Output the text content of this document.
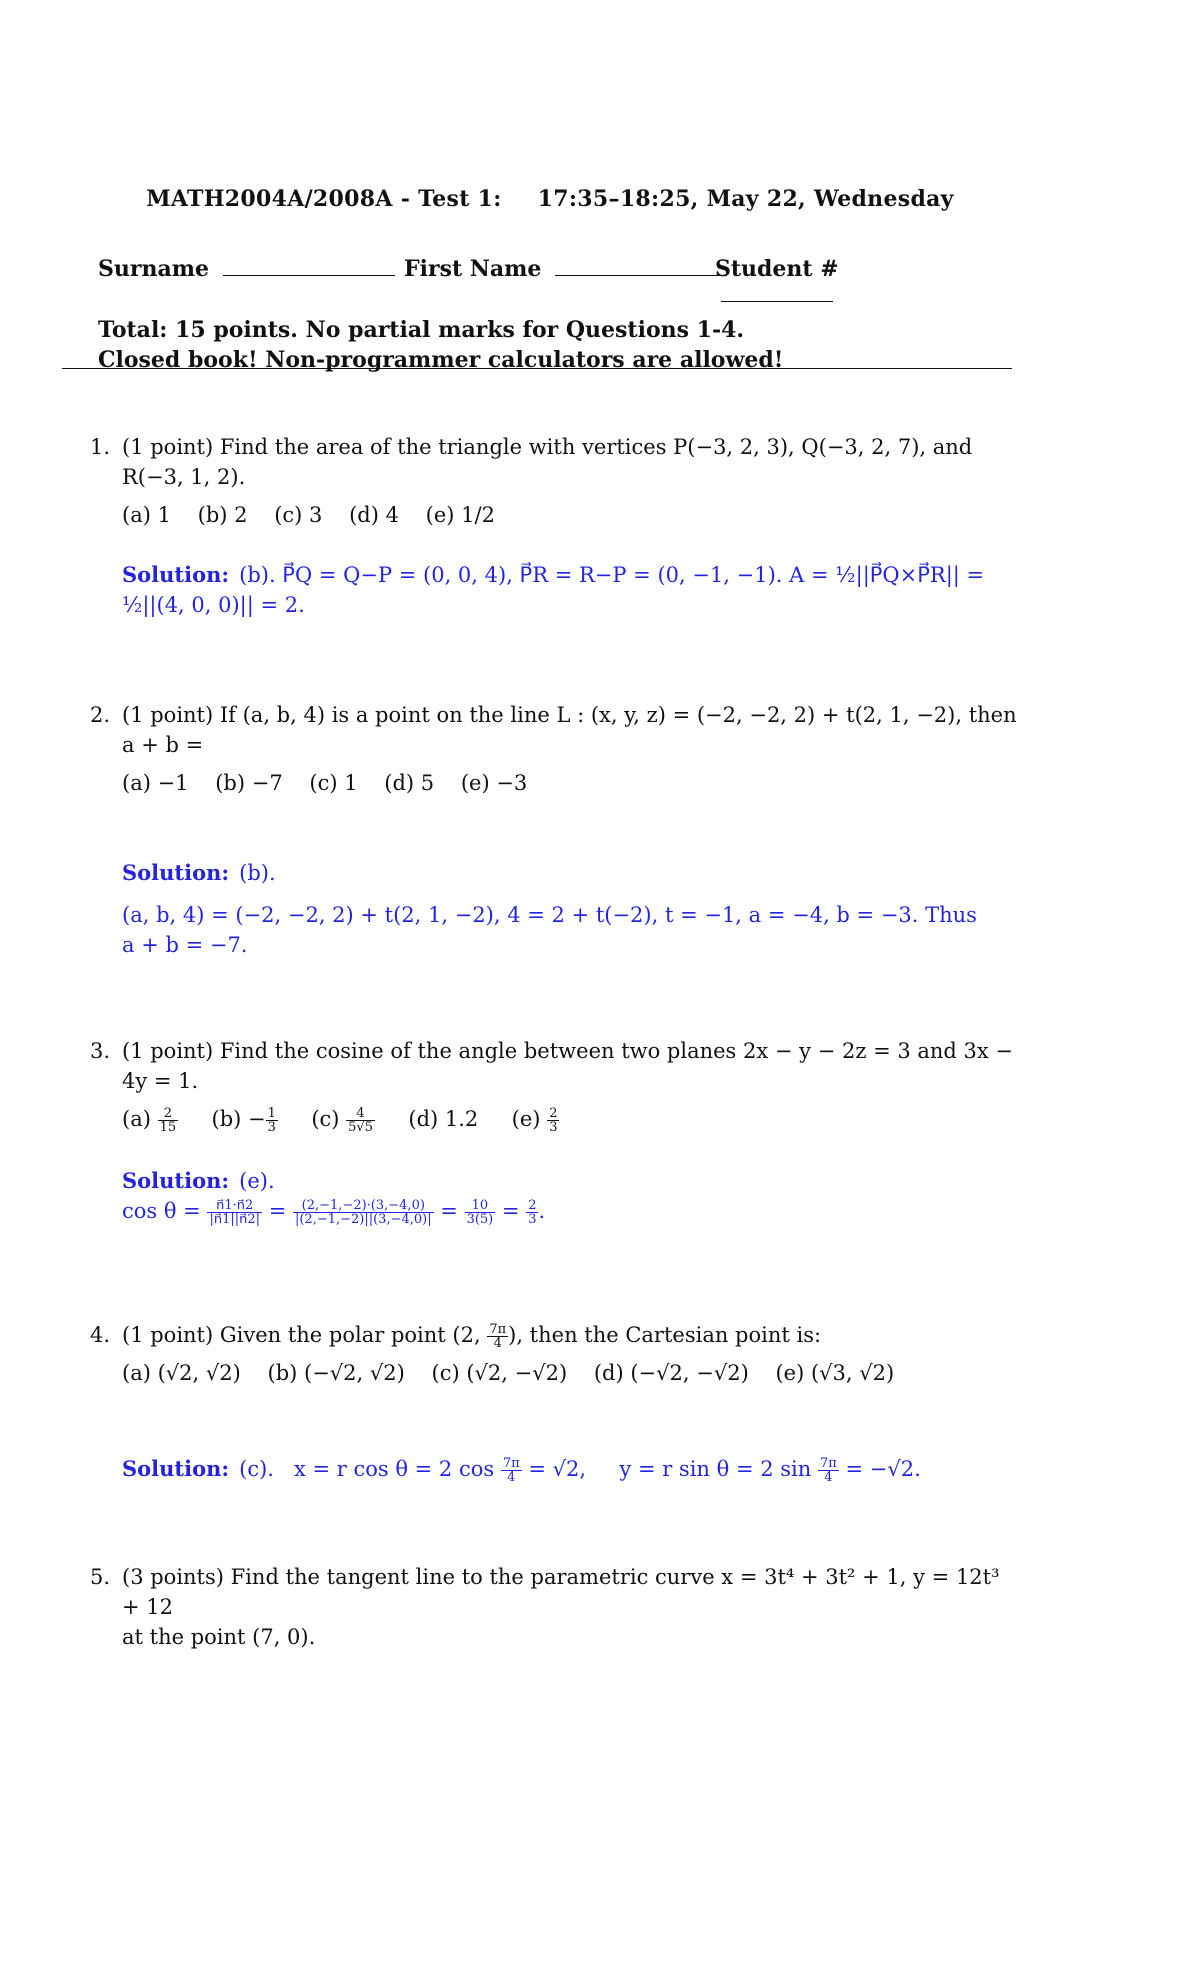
MATH2004A/2008A - Test 1: 17:35–18:25, May 22, Wednesday
Surname	First Name	Student #
Total: 15 points. No partial marks for Questions 1-4.
Closed book! Non-programmer calculators are allowed!
1. (1 point) Find the area of the triangle with vertices P(−3, 2, 3), Q(−3, 2, 7), and R(−3, 1, 2).
(a) 1    (b) 2    (c) 3    (d) 4    (e) 1/2
Solution: (b). P⃗Q = Q−P = (0, 0, 4), P⃗R = R−P = (0, −1, −1). A = ½||P⃗Q×P⃗R|| =
½||(4, 0, 0)|| = 2.
2. (1 point) If (a, b, 4) is a point on the line L : (x, y, z) = (−2, −2, 2) + t(2, 1, −2), then
a + b =
(a) −1    (b) −7    (c) 1    (d) 5    (e) −3
Solution: (b).
(a, b, 4) = (−2, −2, 2) + t(2, 1, −2), 4 = 2 + t(−2), t = −1, a = −4, b = −3. Thus
a + b = −7.
3. (1 point) Find the cosine of the angle between two planes 2x − y − 2z = 3 and 3x − 4y = 1.
$(a) \frac{2}{15} (b) - \frac{1}{3} (c) \frac{4}{5√5} (d)$ 1.2 $(e) \frac{2}{3}$
Solution: (e).
$\cos \theta = \frac{n⃗1\cdot n⃗2}{|n⃗1||n⃗2|} = \frac{(2,-1,-2)\cdot(3,-4,0)}{|(2,-1,-2)||(3,-4,0)|} = \frac{10}{3(5)} = \frac{2}{3}$ .
4. (1 point) Given the polar point (2, $\frac{7\pi}{4}$ ), then the Cartesian point is:
(a) (√2, √2)    (b) (−√2, √2)    (c) (√2, −√2)    (d) (−√2, −√2)    (e) (√3, √2)
Solution: (c).   x = r cos θ = 2 $\cos \frac{7\pi}{4} = √2$,     y = r sin θ = 2 $\sin \frac{7\pi}{4} = -√2$.
5. (3 points) Find the tangent line to the parametric curve x = 3t⁴ + 3t² + 1, y = 12t³ + 12
at the point (7, 0).
